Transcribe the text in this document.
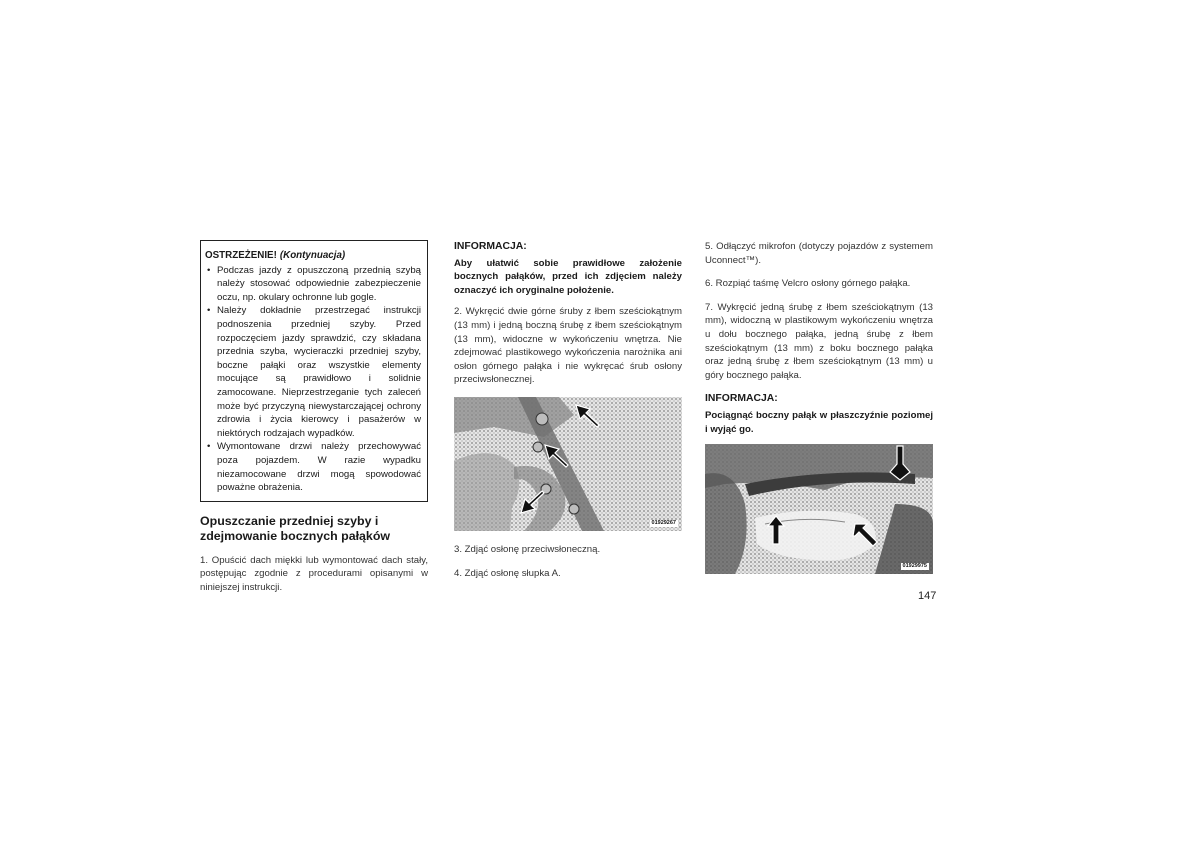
OSTRZEŻENIE! (Kontynuacja)
• Podczas jazdy z opuszczoną przednią szybą należy stosować odpowiednie zabezpieczenie oczu, np. okulary ochronne lub gogle.
• Należy dokładnie przestrzegać instrukcji podnoszenia przedniej szyby. Przed rozpoczęciem jazdy sprawdzić, czy składana przednia szyba, wycieraczki przedniej szyby, boczne pałąki oraz wszystkie elementy mocujące są prawidłowo i solidnie zamocowane. Nieprzestrzeganie tych zaleceń może być przyczyną niewystarczającej ochrony zdrowia i życia kierowcy i pasażerów w niektórych rodzajach wypadków.
• Wymontowane drzwi należy przechowywać poza pojazdem. W razie wypadku niezamocowane drzwi mogą spowodować poważne obrażenia.
Opuszczanie przedniej szyby i zdejmowanie bocznych pałąków

1. Opuścić dach miękki lub wymontować dach stały, postępując zgodnie z procedurami opisanymi w niniejszej instrukcji.

INFORMACJA:

Aby ułatwić sobie prawidłowe założenie bocznych pałąków, przed ich zdjęciem należy oznaczyć ich oryginalne położenie.

2. Wykręcić dwie górne śruby z łbem sześciokątnym (13 mm) i jedną boczną śrubę z łbem sześciokątnym (13 mm), widoczne w wykończeniu wnętrza. Nie zdejmować plastikowego wykończenia narożnika ani osłon górnego pałąka i nie wykręcać śrub osłony przeciwsłonecznej.

01929267

3. Zdjąć osłonę przeciwsłoneczną.

4. Zdjąć osłonę słupka A.

5. Odłączyć mikrofon (dotyczy pojazdów z systemem Uconnect™).

6. Rozpiąć taśmę Velcro osłony górnego pałąka.

7. Wykręcić jedną śrubę z łbem sześciokątnym (13 mm), widoczną w plastikowym wykończeniu wnętrza u dołu bocznego pałąka, jedną śrubę z łbem sześciokątnym (13 mm) z boku bocznego pałąka oraz jedną śrubę z łbem sześciokątnym (13 mm) u góry bocznego pałąka.

INFORMACJA:

Pociągnąć boczny pałąk w płaszczyźnie poziomej i wyjąć go.

01929975
147
